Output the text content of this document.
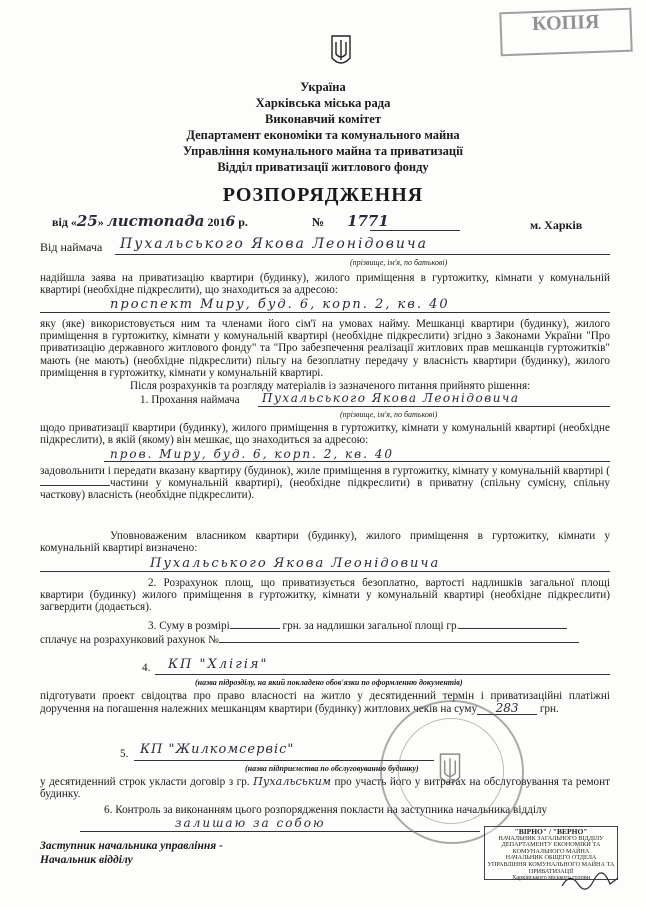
КОПІЯ
Україна
Харківська міська рада
Виконавчий комітет
Департамент економіки та комунального майна
Управління комунального майна та приватизації
Відділ приватизації житлового фонду
РОЗПОРЯДЖЕННЯ
від «25» листопада 2016 р.	№ 1771	м. Харків
Від наймача Пухальського Якова Леонідовича
(прізвище, ім'я, по батькові)

надійшла заява на приватизацію квартири (будинку), жилого приміщення в гуртожитку, кімнати у комунальній квартирі (необхідне підкреслити), що знаходиться за адресою:

проспект Миру, буд. 6, корп. 2, кв. 40

яку (яке) використовується ним та членами його сім'ї на умовах найму. Мешканці квартири (будинку), жилого приміщення в гуртожитку, кімнати у комунальній квартирі (необхідне підкреслити) згідно з Законами України "Про приватизацію державного житлового фонду" та "Про забезпечення реалізації житлових прав мешканців гуртожитків" мають (не мають) (необхідне підкреслити) пільгу на безоплатну передачу у власність квартири (будинку), жилого приміщення в гуртожитку, кімнати у комунальній квартирі.

Після розрахунків та розгляду матеріалів із зазначеного питання прийнято рішення:

1. Прохання наймача Пухальського Якова Леонідовича
(прізвище, ім'я, по батькові)

щодо приватизації квартири (будинку), жилого приміщення в гуртожитку, кімнати у комунальній квартирі (необхідне підкреслити), в якій (якому) він мешкає, що знаходиться за адресою:

пров. Миру, буд. 6, корп. 2, кв. 40

задовольнити і передати вказану квартиру (будинок), жиле приміщення в гуртожитку, кімнату у комунальній квартирі (частини у комунальній квартирі), (необхідне підкреслити) в приватну (спільну сумісну, спільну часткову) власність (необхідне підкреслити).

Уповноваженим власником квартири (будинку), жилого приміщення в гуртожитку, кімнати у комунальній квартирі визначено:

Пухальського Якова Леонідовича

2. Розрахунок площ, що приватизується безоплатно, вартості надлишків загальної площі квартири (будинку) жилого приміщення в гуртожитку, кімнати у комунальній квартирі (необхідне підкреслити) загвердити (додається).

3. Суму в розмірі	грн. за надлишки загальної площі гр.
сплачує на розрахунковий рахунок №
4. КП "Хлігія"
(назва підрозділу, на який покладено обов'язки по оформленню документів)

підготувати проект свідоцтва про право власності на житло у десятиденний термін і приватизаційні платіжні доручення на погашення належних мешканцям квартири (будинку) житлових чеків на суму 283 грн.

5. КП "Жилкомсервіс"
(назва підприємства по обслуговуванню будинку)

у десятиденний строк укласти договір з гр. Пухальським про участь його у витратах на обслуговування та ремонт будинку.

6. Контроль за виконанням цього розпорядження покласти на заступника начальника відділу

залишаю за собою
Заступник начальника управління -
Начальник відділу
"ВІРНО" / "ВЕРНО"
НАЧАЛЬНИК ЗАГАЛЬНОГО ВІДДІЛУ
ДЕПАРТАМЕНТУ ЕКОНОМІКИ ТА
КОМУНАЛЬНОГО МАЙНА
НАЧАЛЬНИК ОБЩЕГО ОТДЕЛА
УПРАВЛІННЯ КОМУНАЛЬНОГО МАЙНА ТА ПРИВАТИЗАЦІЇ
Харківського міського голови
